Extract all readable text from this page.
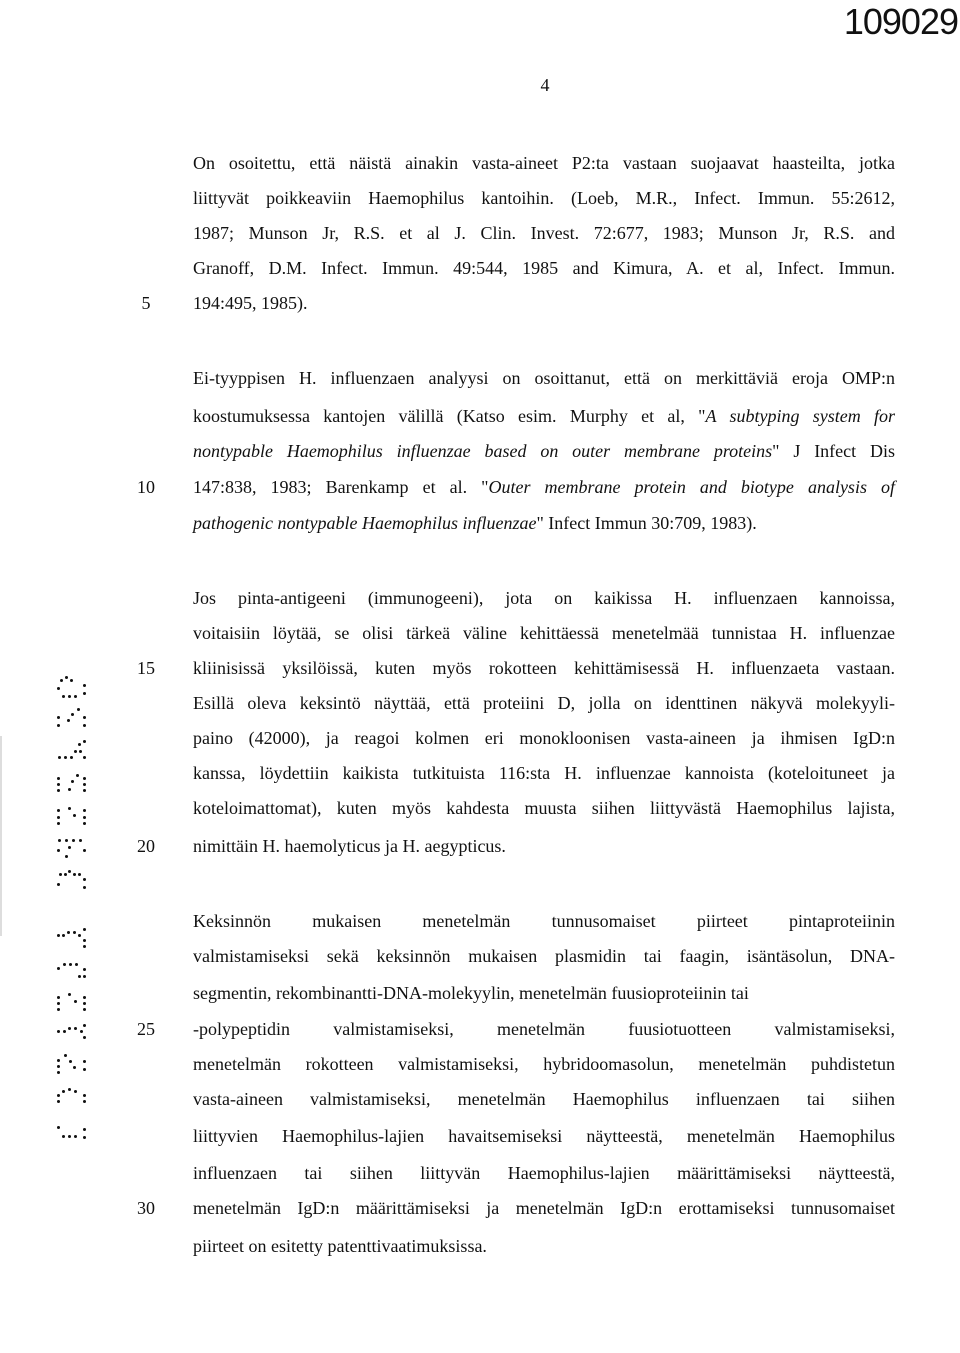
109029
4
On osoitettu, että näistä ainakin vasta-aineet P2:ta vastaan suojaavat haasteilta, jotka
liittyvät poikkeaviin Haemophilus kantoihin. (Loeb, M.R., Infect. Immun. 55:2612,
1987; Munson Jr, R.S. et al J. Clin. Invest. 72:677, 1983; Munson Jr, R.S. and
Granoff, D.M. Infect. Immun. 49:544, 1985 and Kimura, A. et al, Infect. Immun.
194:495, 1985).
5
Ei-tyyppisen H. influenzaen analyysi on osoittanut, että on merkittäviä eroja OMP:n
koostumuksessa kantojen välillä (Katso esim. Murphy et al, "A subtyping system for
nontypable Haemophilus influenzae based on outer membrane proteins" J Infect Dis
147:838, 1983; Barenkamp et al. "Outer membrane protein and biotype analysis of
pathogenic nontypable Haemophilus influenzae" Infect Immun 30:709, 1983).
10
Jos pinta-antigeeni (immunogeeni), jota on kaikissa H. influenzaen kannoissa,
voitaisiin löytää, se olisi tärkeä väline kehittäessä menetelmää tunnistaa H. influenzae
kliinisissä yksilöissä, kuten myös rokotteen kehittämisessä H. influenzaeta vastaan.
Esillä oleva keksintö näyttää, että proteiini D, jolla on identtinen näkyvä molekyyli-
paino (42000), ja reagoi kolmen eri monokloonisen vasta-aineen ja ihmisen IgD:n
kanssa, löydettiin kaikista tutkituista 116:sta H. influenzae kannoista (koteloituneet ja
koteloimattomat), kuten myös kahdesta muusta siihen liittyvästä Haemophilus lajista,
nimittäin H. haemolyticus ja H. aegypticus.
15
20
Keksinnön mukaisen menetelmän tunnusomaiset piirteet pintaproteiinin
valmistamiseksi sekä keksinnön mukaisen plasmidin tai faagin, isäntäsolun, DNA-
segmentin, rekombinantti-DNA-molekyylin, menetelmän fuusioproteiinin tai
-polypeptidin valmistamiseksi, menetelmän fuusiotuotteen valmistamiseksi,
menetelmän rokotteen valmistamiseksi, hybridoomasolun, menetelmän puhdistetun
vasta-aineen valmistamiseksi, menetelmän Haemophilus influenzaen tai siihen
liittyvien Haemophilus-lajien havaitsemiseksi näytteestä, menetelmän Haemophilus
influenzaen tai siihen liittyvän Haemophilus-lajien määrittämiseksi näytteestä,
menetelmän IgD:n määrittämiseksi ja menetelmän IgD:n erottamiseksi tunnusomaiset
piirteet on esitetty patenttivaatimuksissa.
25
30
